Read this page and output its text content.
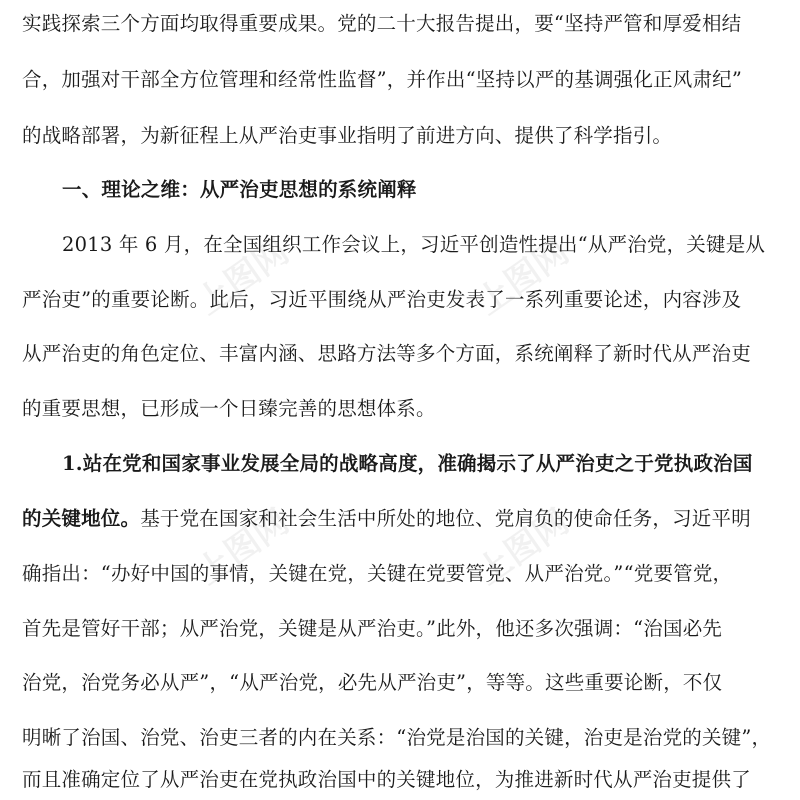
上图网	上图网
上图网	上图网
实践探索三个方面均取得重要成果。党的二十大报告提出，要“坚持严管和厚爱相结
合，加强对干部全方位管理和经常性监督”，并作出“坚持以严的基调强化正风肃纪”
的战略部署，为新征程上从严治吏事业指明了前进方向、提供了科学指引。
一、理论之维：从严治吏思想的系统阐释
2013 年 6 月，在全国组织工作会议上，习近平创造性提出“从严治党，关键是从
严治吏”的重要论断。此后，习近平围绕从严治吏发表了一系列重要论述，内容涉及
从严治吏的角色定位、丰富内涵、思路方法等多个方面，系统阐释了新时代从严治吏
的重要思想，已形成一个日臻完善的思想体系。
1.站在党和国家事业发展全局的战略高度，准确揭示了从严治吏之于党执政治国
的关键地位。基于党在国家和社会生活中所处的地位、党肩负的使命任务，习近平明
确指出：“办好中国的事情，关键在党，关键在党要管党、从严治党。”“党要管党，
首先是管好干部；从严治党，关键是从严治吏。”此外，他还多次强调：“治国必先
治党，治党务必从严”，“从严治党，必先从严治吏”，等等。这些重要论断，不仅
明晰了治国、治党、治吏三者的内在关系：“治党是治国的关键，治吏是治党的关键”，
而且准确定位了从严治吏在党执政治国中的关键地位，为推进新时代从严治吏提供了
